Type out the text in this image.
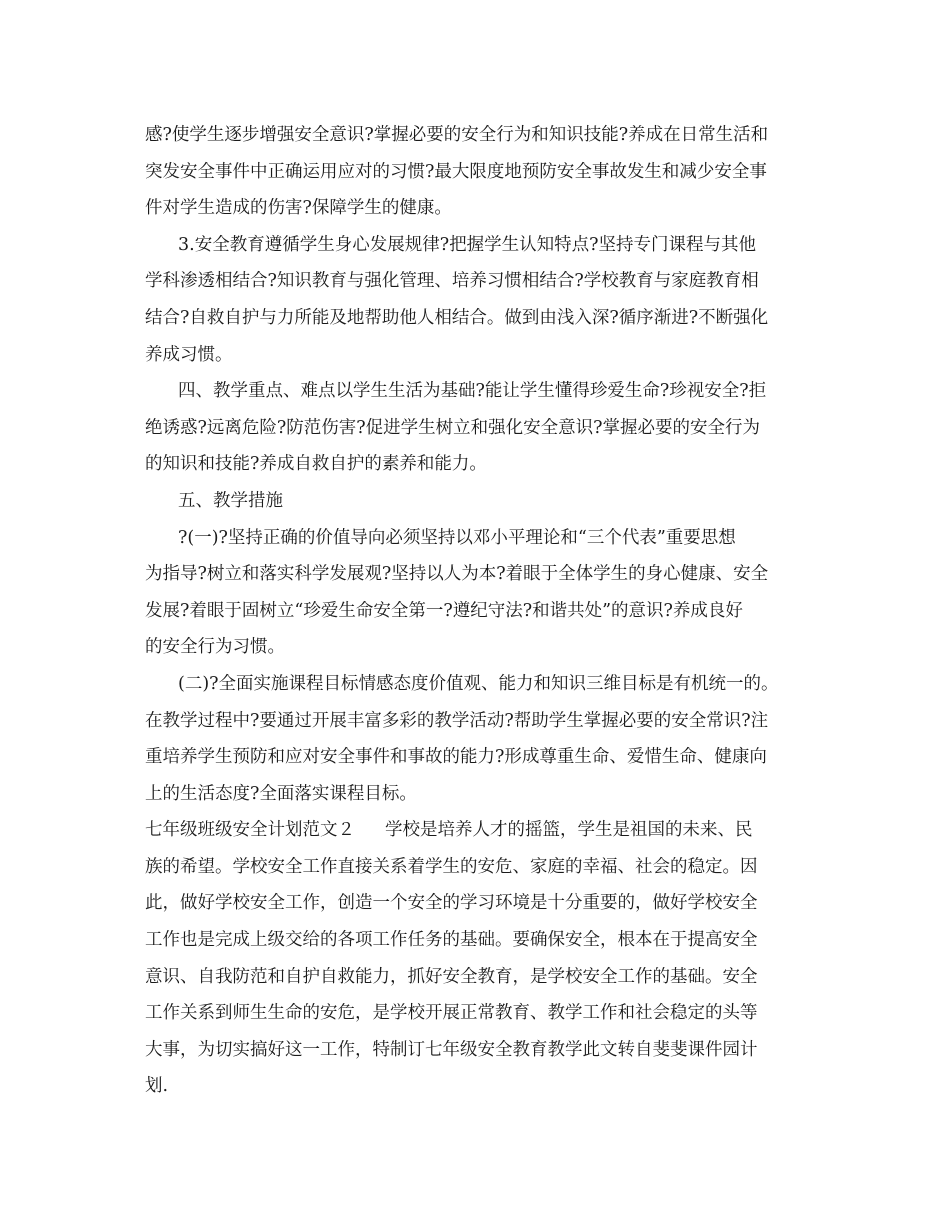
感?使学生逐步增强安全意识?掌握必要的安全行为和知识技能?养成在日常生活和
突发安全事件中正确运用应对的习惯?最大限度地预防安全事故发生和减少安全事
件对学生造成的伤害?保障学生的健康。
3.安全教育遵循学生身心发展规律?把握学生认知特点?坚持专门课程与其他
学科渗透相结合?知识教育与强化管理、培养习惯相结合?学校教育与家庭教育相
结合?自救自护与力所能及地帮助他人相结合。做到由浅入深?循序渐进?不断强化
养成习惯。
四、教学重点、难点以学生生活为基础?能让学生懂得珍爱生命?珍视安全?拒
绝诱惑?远离危险?防范伤害?促进学生树立和强化安全意识?掌握必要的安全行为
的知识和技能?养成自救自护的素养和能力。
五、教学措施
?(一)?坚持正确的价值导向必须坚持以邓小平理论和“三个代表”重要思想
为指导?树立和落实科学发展观?坚持以人为本?着眼于全体学生的身心健康、安全
发展?着眼于固树立“珍爱生命安全第一?遵纪守法?和谐共处”的意识?养成良好
的安全行为习惯。
(二)?全面实施课程目标情感态度价值观、能力和知识三维目标是有机统一的。
在教学过程中?要通过开展丰富多彩的教学活动?帮助学生掌握必要的安全常识?注
重培养学生预防和应对安全事件和事故的能力?形成尊重生命、爱惜生命、健康向
上的生活态度?全面落实课程目标。
七年级班级安全计划范文２ 学校是培养人才的摇篮，学生是祖国的未来、民
族的希望。学校安全工作直接关系着学生的安危、家庭的幸福、社会的稳定。因
此，做好学校安全工作，创造一个安全的学习环境是十分重要的，做好学校安全
工作也是完成上级交给的各项工作任务的基础。要确保安全，根本在于提高安全
意识、自我防范和自护自救能力，抓好安全教育，是学校安全工作的基础。安全
工作关系到师生生命的安危，是学校开展正常教育、教学工作和社会稳定的头等
大事，为切实搞好这一工作，特制订七年级安全教育教学此文转自斐斐课件园计
划.
